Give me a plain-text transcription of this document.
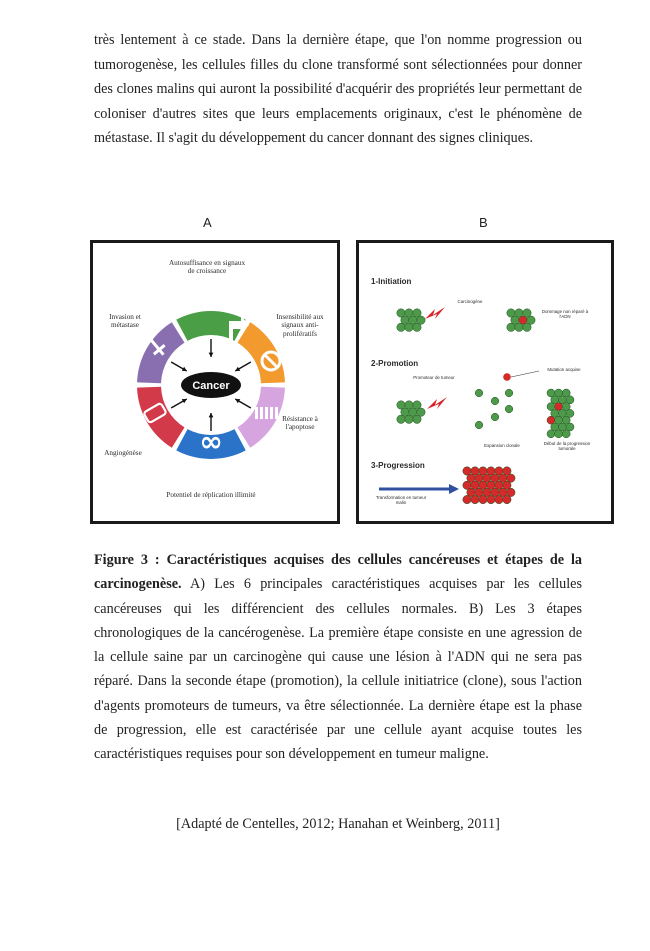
très lentement à ce stade. Dans la dernière étape, que l'on nomme progression ou tumorogenèse, les cellules filles du clone transformé sont sélectionnées pour donner des clones malins qui auront la possibilité d'acquérir des propriétés leur permettant de coloniser d'autres sites que leurs emplacements originaux, c'est le phénomène de métastase. Il s'agit du développement du cancer donnant des signes cliniques.

A	B
∞
Cancer
Autosuffisance en signaux de croissance
Insensibilité aux signaux anti-prolifératifs
Résistance à l'apoptose
Potentiel de réplication illimité
Angiogénèse
Invasion et métastase
1-Initiation
2-Promotion
3-Progression
Carcinogène
Dommage non réparé à l'ADN
Promoteur de tumeur
Mutation acquise
Expansion clonale	Début de la progression tumorale
Transformation en tumeur malin
Figure 3 : Caractéristiques acquises des cellules cancéreuses et étapes de la carcinogenèse. A) Les 6 principales caractéristiques acquises par les cellules cancéreuses qui les différencient des cellules normales. B) Les 3 étapes chronologiques de la cancérogenèse. La première étape consiste en une agression de la cellule saine par un carcinogène qui cause une lésion à l'ADN qui ne sera pas réparé. Dans la seconde étape (promotion), la cellule initiatrice (clone), sous l'action d'agents promoteurs de tumeurs, va être sélectionnée. La dernière étape est la phase de progression, elle est caractérisée par une cellule ayant acquise toutes les caractéristiques requises pour son développement en tumeur maligne.
[Adapté de Centelles, 2012; Hanahan et Weinberg, 2011]
